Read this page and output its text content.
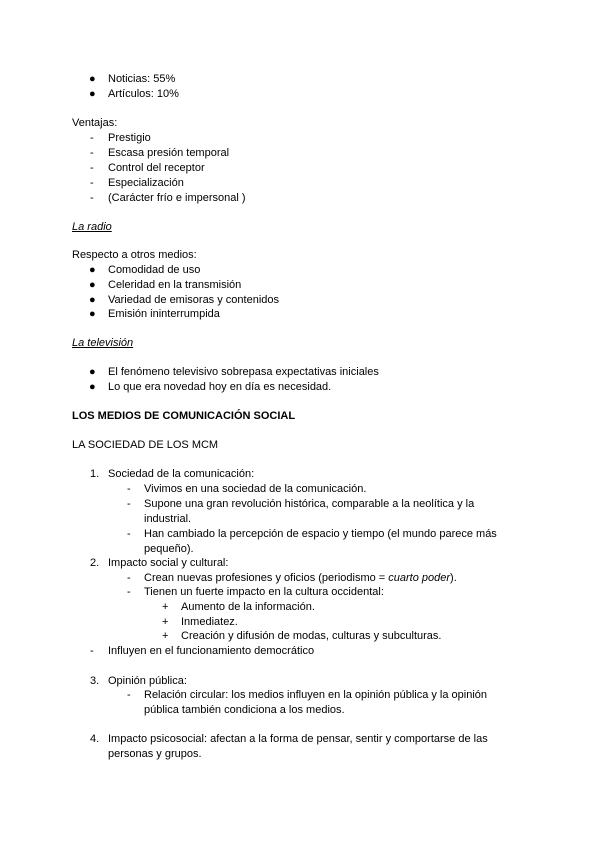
● Noticias: 55%
● Artículos: 10%
Ventajas:
- Prestigio
- Escasa presión temporal
- Control del receptor
- Especialización
- (Carácter frío e impersonal )
La radio
Respecto a otros medios:
● Comodidad de uso
● Celeridad en la transmisión
● Variedad de emisoras y contenidos
● Emisión ininterrumpida
La televisión
● El fenómeno televisivo sobrepasa expectativas iniciales
● Lo que era novedad hoy en día es necesidad.
LOS MEDIOS DE COMUNICACIÓN SOCIAL
LA SOCIEDAD DE LOS MCM
1. Sociedad de la comunicación:
- Vivimos en una sociedad de la comunicación.
- Supone una gran revolución histórica, comparable a la neolítica y la
industrial.
- Han cambiado la percepción de espacio y tiempo (el mundo parece más
pequeño).
2. Impacto social y cultural:
- Crean nuevas profesiones y oficios (periodismo = cuarto poder).
- Tienen un fuerte impacto en la cultura occidental:
+ Aumento de la información.
+ Inmediatez.
+ Creación y difusión de modas, culturas y subculturas.
- Influyen en el funcionamiento democrático
3. Opinión pública:
- Relación circular: los medios influyen en la opinión pública y la opinión
pública también condiciona a los medios.
4. Impacto psicosocial: afectan a la forma de pensar, sentir y comportarse de las
personas y grupos.
